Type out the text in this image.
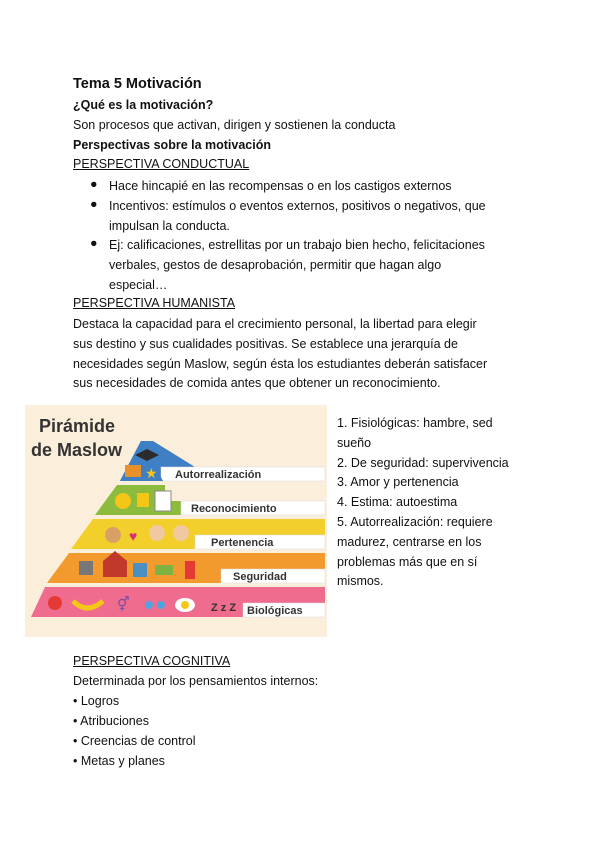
Tema 5 Motivación
¿Qué es la motivación?
Son procesos que activan, dirigen y sostienen la conducta
Perspectivas sobre la motivación
PERSPECTIVA CONDUCTUAL
● Hace hincapié en las recompensas o en los castigos externos
● Incentivos: estímulos o eventos externos, positivos o negativos, que
impulsan la conducta.
● Ej: calificaciones, estrellitas por un trabajo bien hecho, felicitaciones
verbales, gestos de desaprobación, permitir que hagan algo
especial…
PERSPECTIVA HUMANISTA
Destaca la capacidad para el crecimiento personal, la libertad para elegir
sus destino y sus cualidades positivas. Se establece una jerarquía de
necesidades según Maslow, según ésta los estudiantes deberán satisfacer
sus necesidades de comida antes que obtener un reconocimiento.
Pirámide
de Maslow
Autorrealización
Reconocimiento
Pertenencia
Seguridad
Biológicas
★
♥
⚥	Z z Z
1. Fisiológicas: hambre, sed
sueño
2. De seguridad: supervivencia
3. Amor y pertenencia
4. Estima: autoestima
5. Autorrealización: requiere
madurez, centrarse en los
problemas más que en sí
mismos.
PERSPECTIVA COGNITIVA
Determinada por los pensamientos internos:
• Logros
• Atribuciones
• Creencias de control
• Metas y planes
